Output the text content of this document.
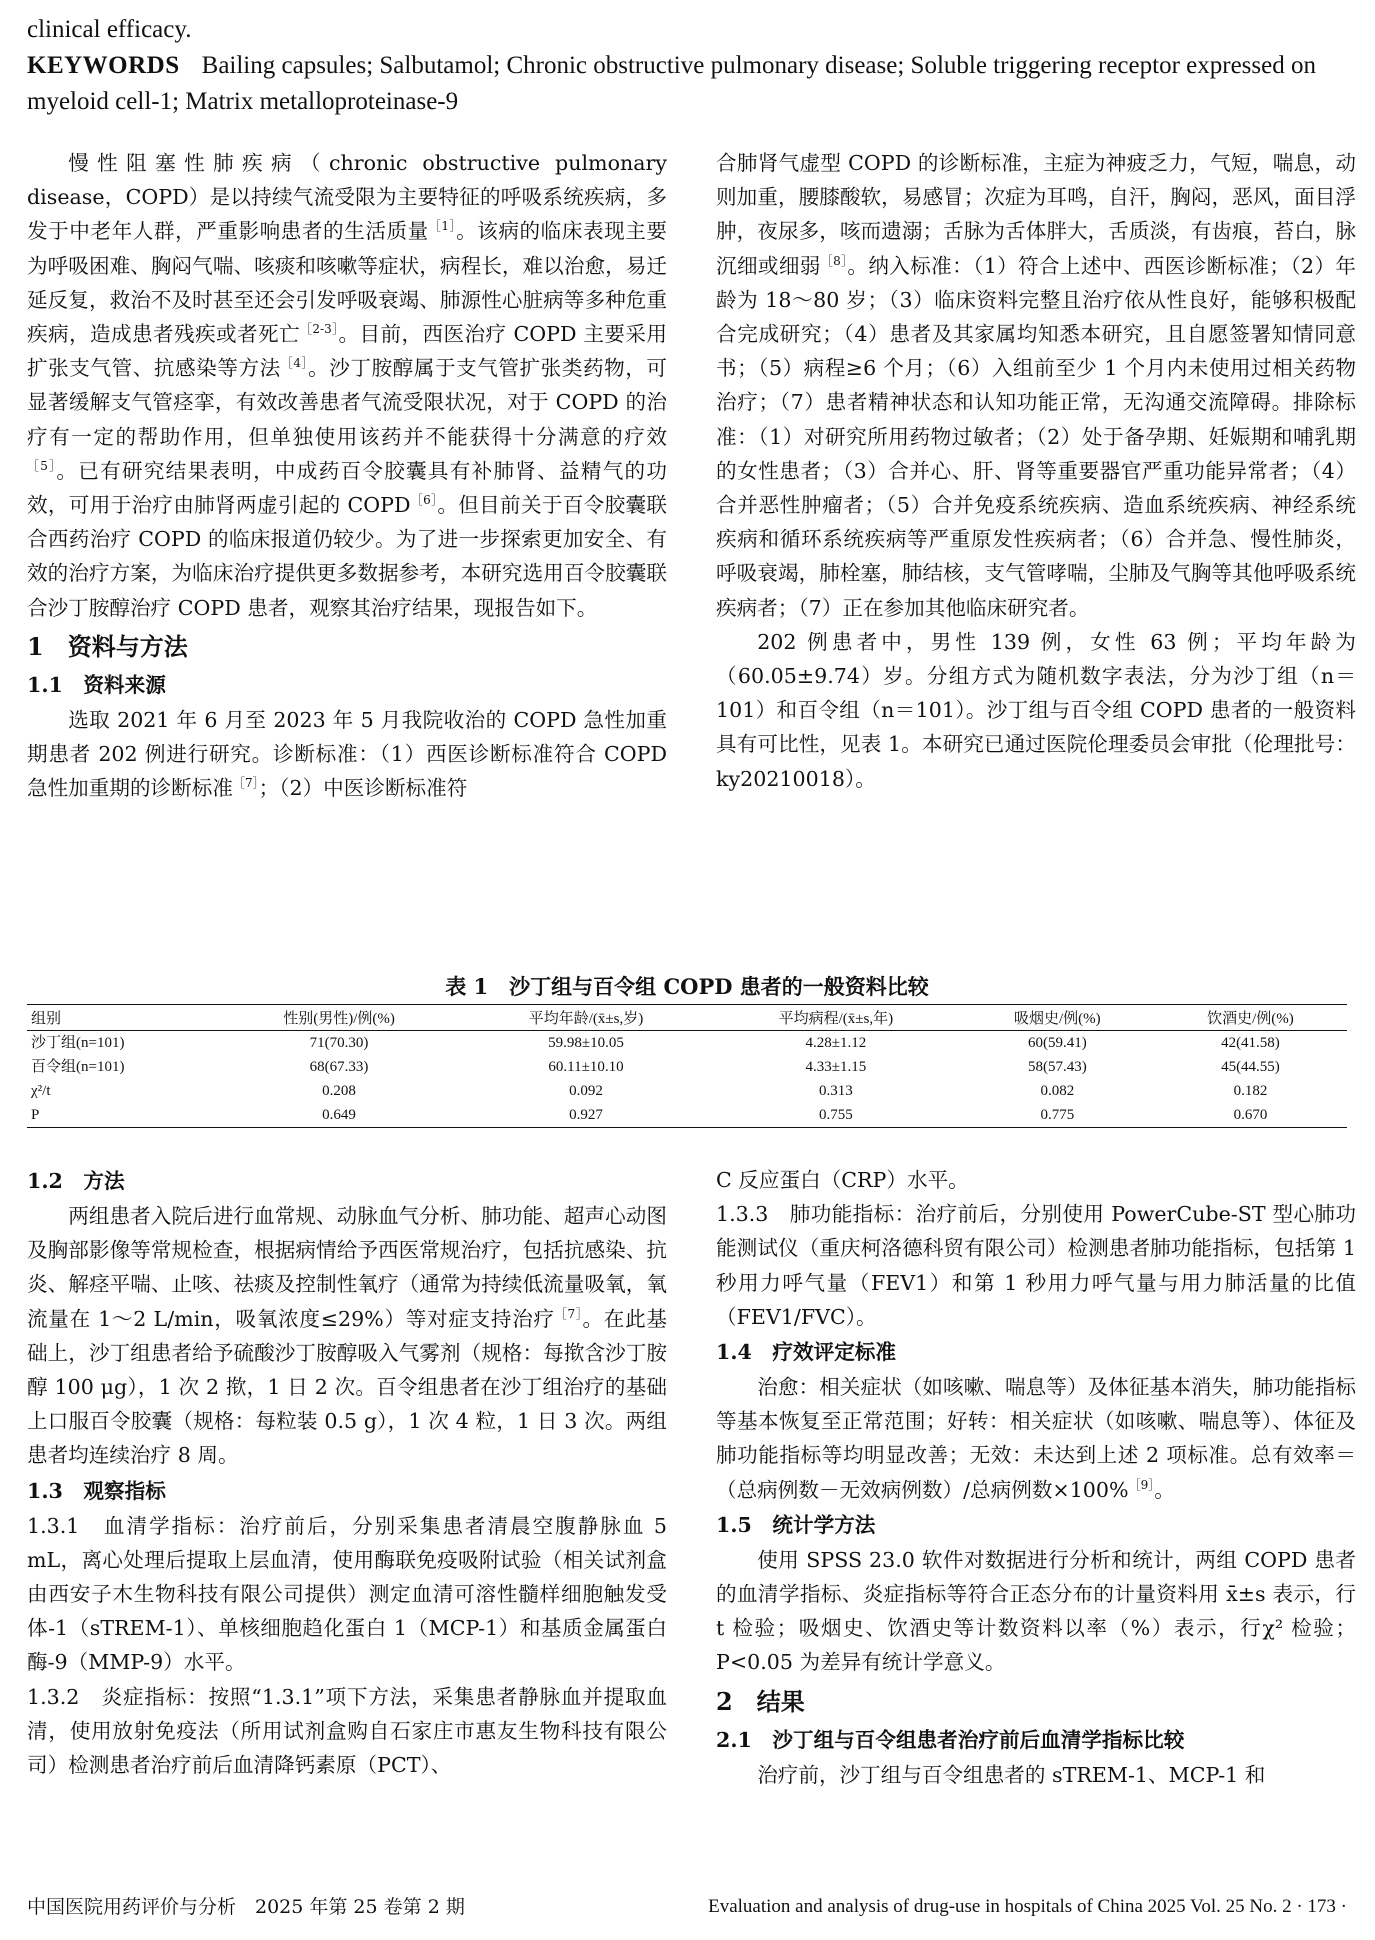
clinical efficacy.
KEYWORDS Bailing capsules; Salbutamol; Chronic obstructive pulmonary disease; Soluble triggering receptor expressed on myeloid cell-1; Matrix metalloproteinase-9

慢性阻塞性肺疾病（chronic obstructive pulmonary disease，COPD）是以持续气流受限为主要特征的呼吸系统疾病，多发于中老年人群，严重影响患者的生活质量$^{[1]}$。该病的临床表现主要为呼吸困难、胸闷气喘、咳痰和咳嗽等症状，病程长，难以治愈，易迁延反复，救治不及时甚至还会引发呼吸衰竭、肺源性心脏病等多种危重疾病，造成患者残疾或者死亡$^{[2-3]}$。目前，西医治疗 COPD 主要采用扩张支气管、抗感染等方法$^{[4]}$。沙丁胺醇属于支气管扩张类药物，可显著缓解支气管痉挛，有效改善患者气流受限状况，对于 COPD 的治疗有一定的帮助作用，但单独使用该药并不能获得十分满意的疗效$^{[5]}$。已有研究结果表明，中成药百令胶囊具有补肺肾、益精气的功效，可用于治疗由肺肾两虚引起的 $COPD^{[6]}$。但目前关于百令胶囊联合西药治疗 COPD 的临床报道仍较少。为了进一步探索更加安全、有效的治疗方案，为临床治疗提供更多数据参考，本研究选用百令胶囊联合沙丁胺醇治疗 COPD 患者，观察其治疗结果，现报告如下。

1　资料与方法
1.1　资料来源

选取 2021 年 6 月至 2023 年 5 月我院收治的 COPD 急性加重期患者 202 例进行研究。诊断标准：（1）西医诊断标准符合 COPD 急性加重期的诊断标准$^{[7]}$；（2）中医诊断标准符

合肺肾气虚型 COPD 的诊断标准，主症为神疲乏力，气短，喘息，动则加重，腰膝酸软，易感冒；次症为耳鸣，自汗，胸闷，恶风，面目浮肿，夜尿多，咳而遗溺；舌脉为舌体胖大，舌质淡，有齿痕，苔白，脉沉细或细弱$^{[8]}$。纳入标准：（1）符合上述中、西医诊断标准；（2）年龄为 18～80 岁；（3）临床资料完整且治疗依从性良好，能够积极配合完成研究；（4）患者及其家属均知悉本研究，且自愿签署知情同意书；（5）病程≥6 个月；（6）入组前至少 1 个月内未使用过相关药物治疗；（7）患者精神状态和认知功能正常，无沟通交流障碍。排除标准：（1）对研究所用药物过敏者；（2）处于备孕期、妊娠期和哺乳期的女性患者；（3）合并心、肝、肾等重要器官严重功能异常者；（4）合并恶性肿瘤者；（5）合并免疫系统疾病、造血系统疾病、神经系统疾病和循环系统疾病等严重原发性疾病者；（6）合并急、慢性肺炎，呼吸衰竭，肺栓塞，肺结核，支气管哮喘，尘肺及气胸等其他呼吸系统疾病者；（7）正在参加其他临床研究者。

202 例患者中，男性 139 例，女性 63 例；平均年龄为（60.05±9.74）岁。分组方式为随机数字表法，分为沙丁组（n＝101）和百令组（n＝101）。沙丁组与百令组 COPD 患者的一般资料具有可比性，见表 1。本研究已通过医院伦理委员会审批（伦理批号：ky20210018）。

表 1　沙丁组与百令组 COPD 患者的一般资料比较
组别	性别(男性)/例(%)	平均年龄/(x̄±s,岁)	平均病程/(x̄±s,年)	吸烟史/例(%)	饮酒史/例(%)
沙丁组(n=101)	71(70.30)	59.98±10.05	4.28±1.12	60(59.41)	42(41.58)
百令组(n=101)	68(67.33)	60.11±10.10	4.33±1.15	58(57.43)	45(44.55)
χ²/t	0.208	0.092	0.313	0.082	0.182
P	0.649	0.927	0.755	0.775	0.670
1.2　方法

两组患者入院后进行血常规、动脉血气分析、肺功能、超声心动图及胸部影像等常规检查，根据病情给予西医常规治疗，包括抗感染、抗炎、解痉平喘、止咳、祛痰及控制性氧疗（通常为持续低流量吸氧，氧流量在 1～2 L/min，吸氧浓度≤29%）等对症支持治疗$^{[7]}$。在此基础上，沙丁组患者给予硫酸沙丁胺醇吸入气雾剂（规格：每揿含沙丁胺醇 100 μg），1 次 2 揿，1 日 2 次。百令组患者在沙丁组治疗的基础上口服百令胶囊（规格：每粒装 0.5 g），1 次 4 粒，1 日 3 次。两组患者均连续治疗 8 周。

1.3　观察指标

1.3.1　血清学指标：治疗前后，分别采集患者清晨空腹静脉血 5 mL，离心处理后提取上层血清，使用酶联免疫吸附试验（相关试剂盒由西安子木生物科技有限公司提供）测定血清可溶性髓样细胞触发受体-1（sTREM-1）、单核细胞趋化蛋白 1（MCP-1）和基质金属蛋白酶-9（MMP-9）水平。

1.3.2　炎症指标：按照“1.3.1”项下方法，采集患者静脉血并提取血清，使用放射免疫法（所用试剂盒购自石家庄市惠友生物科技有限公司）检测患者治疗前后血清降钙素原（PCT）、

C 反应蛋白（CRP）水平。

1.3.3　肺功能指标：治疗前后，分别使用 PowerCube-ST 型心肺功能测试仪（重庆柯洛德科贸有限公司）检测患者肺功能指标，包括第 1 秒用力呼气量（FEV1）和第 1 秒用力呼气量与用力肺活量的比值（FEV1/FVC）。

1.4　疗效评定标准

治愈：相关症状（如咳嗽、喘息等）及体征基本消失，肺功能指标等基本恢复至正常范围；好转：相关症状（如咳嗽、喘息等）、体征及肺功能指标等均明显改善；无效：未达到上述 2 项标准。总有效率＝（总病例数－无效病例数）/总病例数×100%$^{[9]}$。

1.5　统计学方法

使用 SPSS 23.0 软件对数据进行分析和统计，两组 COPD 患者的血清学指标、炎症指标等符合正态分布的计量资料用 x̄±s 表示，行 t 检验；吸烟史、饮酒史等计数资料以率（%）表示，行χ² 检验；P<0.05 为差异有统计学意义。

2　结果
2.1　沙丁组与百令组患者治疗前后血清学指标比较

治疗前，沙丁组与百令组患者的 sTREM-1、MCP-1 和

中国医院用药评价与分析　2025 年第 25 卷第 2 期	Evaluation and analysis of drug-use in hospitals of China 2025 Vol. 25 No. 2 · 173 ·
